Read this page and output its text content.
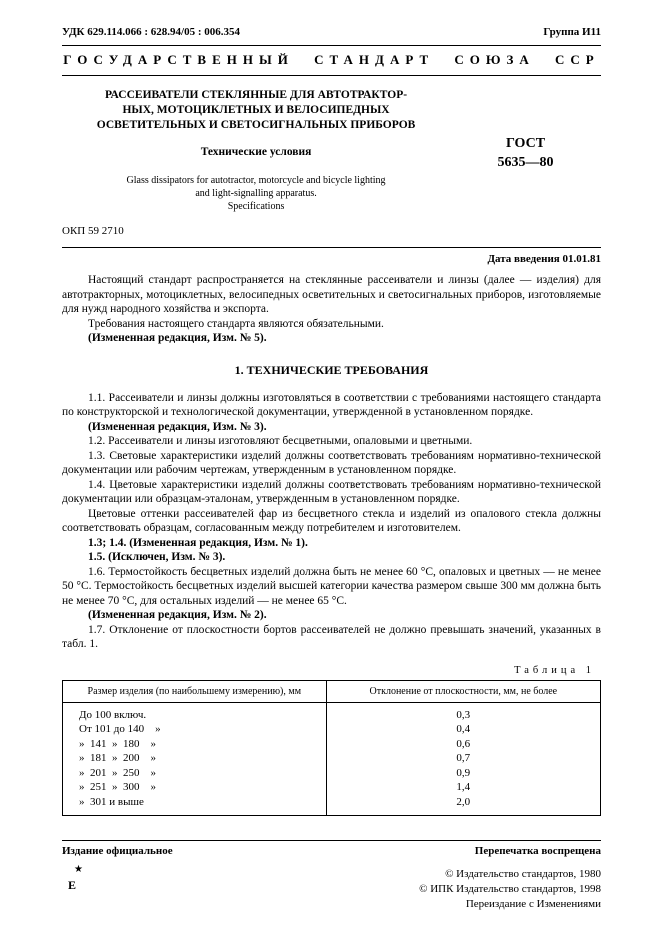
УДК 629.114.066 : 628.94/05 : 006.354	Группа И11
ГОСУДАРСТВЕННЫЙ СТАНДАРТ СОЮЗА ССР
РАССЕИВАТЕЛИ СТЕКЛЯННЫЕ ДЛЯ АВТОТРАКТОР-
НЫХ, МОТОЦИКЛЕТНЫХ И ВЕЛОСИПЕДНЫХ
ОСВЕТИТЕЛЬНЫХ И СВЕТОСИГНАЛЬНЫХ ПРИБОРОВ
Технические условия
Glass dissipators for autotractor, motorcycle and bicycle lighting
and light-signalling apparatus.
Specifications
ОКП 59 2710
ГОСТ
5635—80
Дата введения 01.01.81

Настоящий стандарт распространяется на стеклянные рассеиватели и линзы (далее — изделия) для автотракторных, мотоциклетных, велосипедных осветительных и светосигнальных приборов, изготовляемые для нужд народного хозяйства и экспорта.

Требования настоящего стандарта являются обязательными.

(Измененная редакция, Изм. № 5).

1. ТЕХНИЧЕСКИЕ ТРЕБОВАНИЯ

1.1. Рассеиватели и линзы должны изготовляться в соответствии с требованиями настоящего стандарта по конструкторской и технологической документации, утвержденной в установленном порядке.

(Измененная редакция, Изм. № 3).

1.2. Рассеиватели и линзы изготовляют бесцветными, опаловыми и цветными.

1.3. Световые характеристики изделий должны соответствовать требованиям нормативно-технической документации или рабочим чертежам, утвержденным в установленном порядке.

1.4. Цветовые характеристики изделий должны соответствовать требованиям нормативно-технической документации или образцам-эталонам, утвержденным в установленном порядке.

Цветовые оттенки рассеивателей фар из бесцветного стекла и изделий из опалового стекла должны соответствовать образцам, согласованным между потребителем и изготовителем.

1.3; 1.4. (Измененная редакция, Изм. № 1).

1.5. (Исключен, Изм. № 3).

1.6. Термостойкость бесцветных изделий должна быть не менее 60 °С, опаловых и цветных — не менее 50 °С. Термостойкость бесцветных изделий высшей категории качества размером свыше 300 мм должна быть не менее 70 °С, для остальных изделий — не менее 65 °С.

(Измененная редакция, Изм. № 2).

1.7. Отклонение от плоскостности бортов рассеивателей не должно превышать значений, указанных в табл. 1.

Таблица 1
Размер изделия (по наибольшему измерению), мм	Отклонение от плоскостности, мм, не более
До 100 включ.	0,3
От 101 до 140    »	0,4
»  141  »  180    »	0,6
»  181  »  200    »	0,7
»  201  »  250    »	0,9
»  251  »  300    »	1,4
»  301 и выше	2,0
Издание официальное
★
Е
Перепечатка воспрещена
© Издательство стандартов, 1980
© ИПК Издательство стандартов, 1998
Переиздание с Изменениями
